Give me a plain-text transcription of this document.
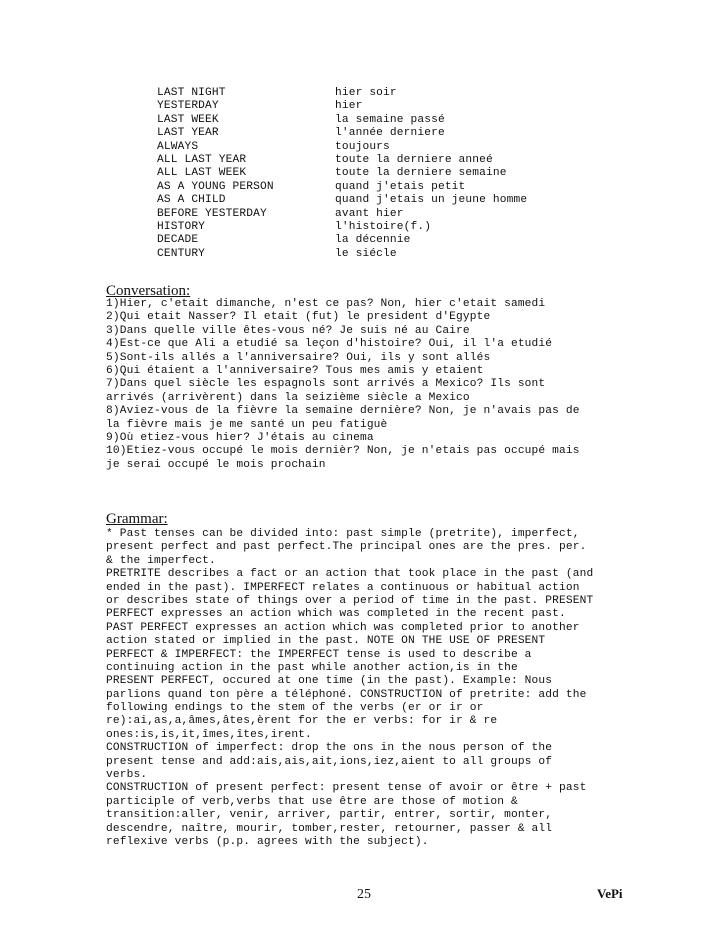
LAST NIGHT	hier soir
YESTERDAY	hier
LAST WEEK	la semaine passé
LAST YEAR	l'année derniere
ALWAYS	toujours
ALL LAST YEAR	toute la derniere anneé
ALL LAST WEEK	toute la derniere semaine
AS A YOUNG PERSON	quand j'etais petit
AS A CHILD	quand j'etais un jeune homme
BEFORE YESTERDAY	avant hier
HISTORY	l'histoire(f.)
DECADE	la décennie
CENTURY	le siécle
Conversation:
1)Hier, c'etait dimanche, n'est ce pas? Non, hier c'etait samedi
2)Qui etait Nasser? Il etait (fut) le president d'Egypte
3)Dans quelle ville êtes-vous né? Je suis né au Caire
4)Est-ce que Ali a etudié sa leçon d'histoire? Oui, il l'a etudié
5)Sont-ils allés a l'anniversaire? Oui, ils y sont allés
6)Qui étaient a l'anniversaire? Tous mes amis y etaient
7)Dans quel siècle les espagnols sont arrivés a Mexico? Ils sont
arrivés (arrivèrent) dans la seizième siècle a Mexico
8)Aviez-vous de la fièvre la semaine dernière? Non, je n'avais pas de
la fièvre mais je me santé un peu fatiguè
9)Où etiez-vous hier? J'étais au cinema
10)Etiez-vous occupé le mois dernièr? Non, je n'etais pas occupé mais
je serai occupé le mois prochain
Grammar:
* Past tenses can be divided into: past simple (pretrite), imperfect,
present perfect and past perfect.The principal ones are the pres. per.
& the imperfect.
PRETRITE describes a fact or an action that took place in the past (and
ended in the past). IMPERFECT relates a continuous or habitual action
or describes state of things over a period of time in the past. PRESENT
PERFECT expresses an action which was completed in the recent past.
PAST PERFECT expresses an action which was completed prior to another
action stated or implied in the past. NOTE ON THE USE OF PRESENT
PERFECT & IMPERFECT: the IMPERFECT tense is used to describe a
continuing action in the past while another action,is in the
PRESENT PERFECT, occured at one time (in the past). Example: Nous
parlions quand ton père a téléphoné. CONSTRUCTION of pretrite: add the
following endings to the stem of the verbs (er or ir or
re):ai,as,a,âmes,âtes,èrent for the er verbs: for ir & re
ones:is,is,it,îmes,îtes,irent.
CONSTRUCTION of imperfect: drop the ons in the nous person of the
present tense and add:ais,ais,ait,ions,iez,aient to all groups of
verbs.
CONSTRUCTION of present perfect: present tense of avoir or être + past
participle of verb,verbs that use être are those of motion &
transition:aller, venir, arriver, partir, entrer, sortir, monter,
descendre, naître, mourir, tomber,rester, retourner, passer & all
reflexive verbs (p.p. agrees with the subject).
25	VePi
